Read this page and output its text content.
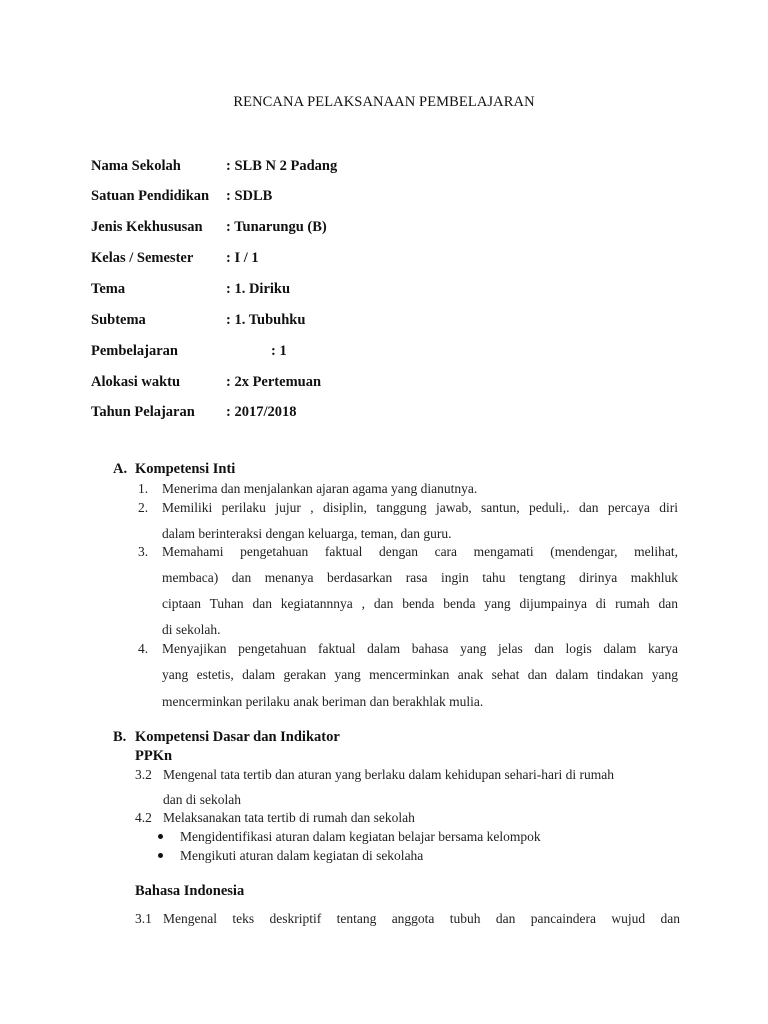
RENCANA PELAKSANAAN PEMBELAJARAN
Nama Sekolah	: SLB N 2 Padang
Satuan Pendidikan : SDLB
Jenis Kekhususan : Tunarungu (B)
Kelas / Semester : I / 1
Tema	: 1. Diriku
Subtema	: 1. Tubuhku
Pembelajaran	: 1
Alokasi waktu	: 2x Pertemuan
Tahun Pelajaran : 2017/2018
A. Kompetensi Inti
1. Menerima dan menjalankan ajaran agama yang dianutnya.
2. Memiliki perilaku jujur , disiplin, tanggung jawab, santun, peduli,. dan percaya diri
dalam berinteraksi dengan keluarga, teman, dan guru.
3. Memahami pengetahuan faktual dengan cara mengamati (mendengar, melihat,
membaca) dan menanya berdasarkan rasa ingin tahu tengtang dirinya makhluk
ciptaan Tuhan dan kegiatannnya , dan benda benda yang dijumpainya di rumah dan
di sekolah.
4. Menyajikan pengetahuan faktual dalam bahasa yang jelas dan logis dalam karya
yang estetis, dalam gerakan yang mencerminkan anak sehat dan dalam tindakan yang
mencerminkan perilaku anak beriman dan berakhlak mulia.
B. Kompetensi Dasar dan Indikator
PPKn
3.2 Mengenal tata tertib dan aturan yang berlaku dalam kehidupan sehari-hari di rumah
dan di sekolah
4.2 Melaksanakan tata tertib di rumah dan sekolah
Mengidentifikasi aturan dalam kegiatan belajar bersama kelompok
Mengikuti aturan dalam kegiatan di sekolaha
Bahasa Indonesia
3.1 Mengenal teks deskriptif tentang anggota tubuh dan pancaindera wujud dan
